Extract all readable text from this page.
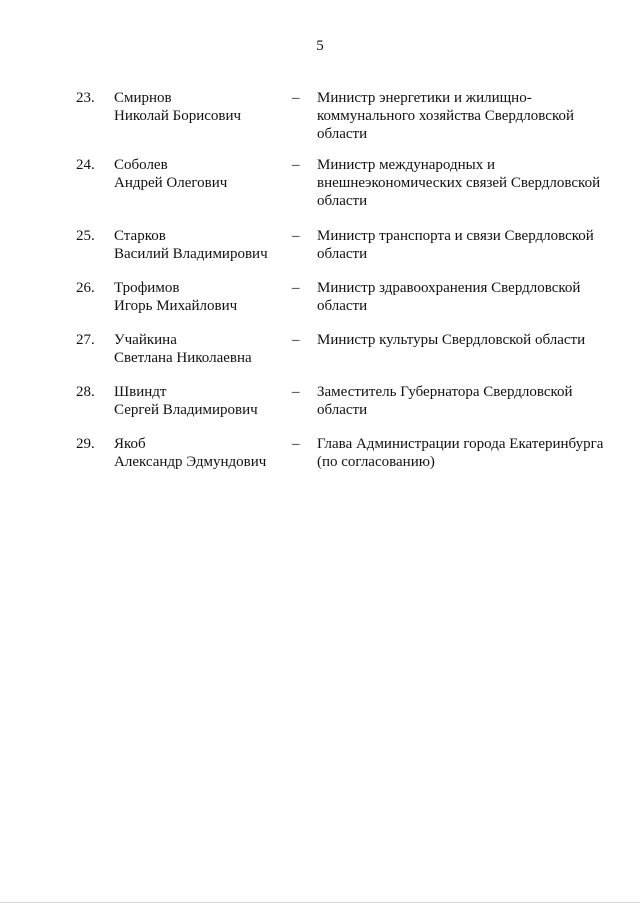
5
23. Смирнов
Николай Борисович
– Министр энергетики и жилищно-коммунального хозяйства Свердловской области
24. Соболев
Андрей Олегович
– Министр международных и внешнеэкономических связей Свердловской области
25. Старков
Василий Владимирович
– Министр транспорта и связи Свердловской области
26. Трофимов
Игорь Михайлович
– Министр здравоохранения Свердловской области
27. Учайкина
Светлана Николаевна
– Министр культуры Свердловской области
28. Швиндт
Сергей Владимирович
– Заместитель Губернатора Свердловской области
29. Якоб
Александр Эдмундович
– Глава Администрации города Екатеринбурга (по согласованию)
